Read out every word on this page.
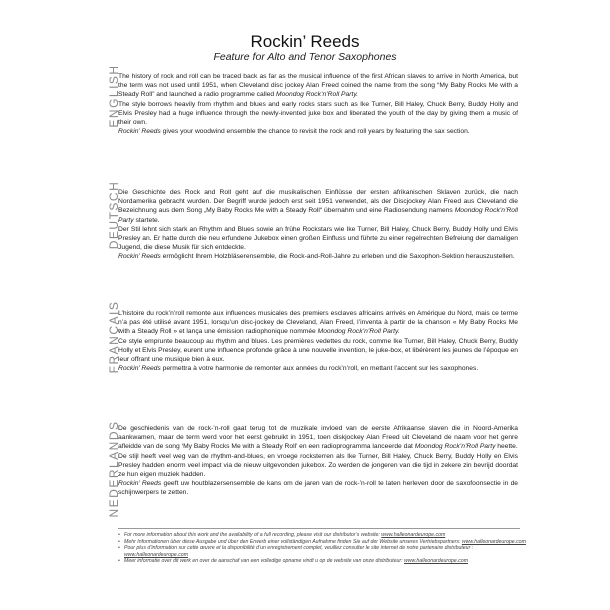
Rockin’ Reeds
Feature for Alto and Tenor Saxophones
ENGLISH

The history of rock and roll can be traced back as far as the musical influence of the first African slaves to arrive in North America, but the term was not used until 1951, when Cleveland disc jockey Alan Freed coined the name from the song “My Baby Rocks Me with a Steady Roll” and launched a radio programme called Moondog Rock’n’Roll Party.

The style borrows heavily from rhythm and blues and early rocks stars such as Ike Turner, Bill Haley, Chuck Berry, Buddy Holly and Elvis Presley had a huge influence through the newly-invented juke box and liberated the youth of the day by giving them a music of their own.

Rockin’ Reeds gives your woodwind ensemble the chance to revisit the rock and roll years by featuring the sax section.

DEUTSCH

Die Geschichte des Rock and Roll geht auf die musikalischen Einflüsse der ersten afrikanischen Sklaven zurück, die nach Nordamerika gebracht wurden. Der Begriff wurde jedoch erst seit 1951 verwendet, als der Discjockey Alan Freed aus Cleveland die Bezeichnung aus dem Song „My Baby Rocks Me with a Steady Roll“ übernahm und eine Radiosendung namens Moondog Rock’n’Roll Party startete.

Der Stil lehnt sich stark an Rhythm and Blues sowie an frühe Rockstars wie Ike Turner, Bill Haley, Chuck Berry, Buddy Holly und Elvis Presley an. Er hatte durch die neu erfundene Jukebox einen großen Einfluss und führte zu einer regelrechten Befreiung der damaligen Jugend, die diese Musik für sich entdeckte.

Rockin’ Reeds ermöglicht Ihrem Holzbläserensemble, die Rock-and-Roll-Jahre zu erleben und die Saxophon-Sektion herauszustellen.

FRANÇAIS

L’histoire du rock’n’roll remonte aux influences musicales des premiers esclaves africains arrivés en Amérique du Nord, mais ce terme n’a pas été utilisé avant 1951, lorsqu’un disc-jockey de Cleveland, Alan Freed, l’inventa à partir de la chanson « My Baby Rocks Me with a Steady Roll » et lança une émission radiophonique nommée Moondog Rock’n’Roll Party.

Ce style emprunte beaucoup au rhythm and blues. Les premières vedettes du rock, comme Ike Turner, Bill Haley, Chuck Berry, Buddy Holly et Elvis Presley, eurent une influence profonde grâce à une nouvelle invention, le juke-box, et libérèrent les jeunes de l’époque en leur offrant une musique bien à eux.

Rockin’ Reeds permettra à votre harmonie de remonter aux années du rock’n’roll, en mettant l’accent sur les saxophones.

NEDERLANDS

De geschiedenis van de rock-’n-roll gaat terug tot de muzikale invloed van de eerste Afrikaanse slaven die in Noord-Amerika aankwamen, maar de term werd voor het eerst gebruikt in 1951, toen diskjockey Alan Freed uit Cleveland de naam voor het genre afleidde van de song ‘My Baby Rocks Me with a Steady Roll’ en een radioprogramma lanceerde dat Moondog Rock’n’Roll Party heette.

De stijl heeft veel weg van de rhythm-and-blues, en vroege rocksterren als Ike Turner, Bill Haley, Chuck Berry, Buddy Holly en Elvis Presley hadden enorm veel impact via de nieuw uitgevonden jukebox. Zo werden de jongeren van die tijd in zekere zin bevrijd doordat ze hun eigen muziek hadden.

Rockin’ Reeds geeft uw houtblazersensemble de kans om de jaren van de rock-’n-roll te laten herleven door de saxofoonsectie in de schijnwerpers te zetten.

• For more information about this work and the availability of a full recording, please visit our distributor’s website: www.halleonardeurope.com
• Mehr Informationen über diese Ausgabe und über den Erwerb einer vollständigen Aufnahme finden Sie auf der Website unseres Vertriebspartners: www.halleonardeurope.com
• Pour plus d’information sur cette œuvre et la disponibilité d’un enregistrement complet, veuillez consulter le site internet de notre partenaire distributeur : www.halleonardeurope.com
• Meer informatie over dit werk en over de aanschaf van een volledige opname vindt u op de website van onze distributeur: www.halleonardeurope.com
